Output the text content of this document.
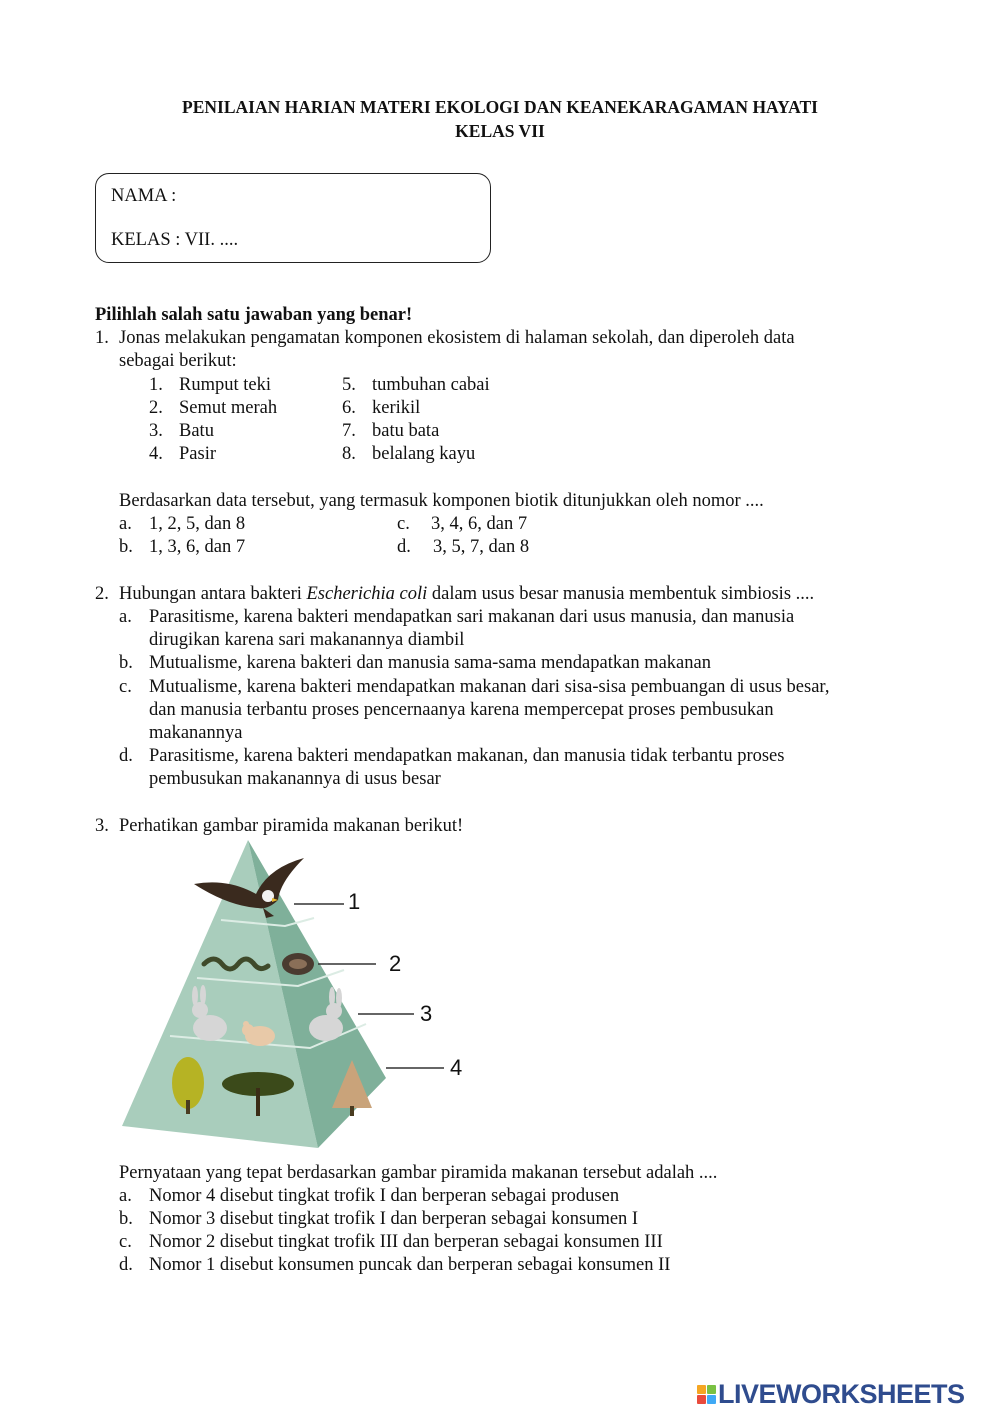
PENILAIAN HARIAN MATERI EKOLOGI DAN KEANEKARAGAMAN HAYATI
KELAS VII
NAMA :
KELAS : VII. ....
Pilihlah salah satu jawaban yang benar!
1. Jonas melakukan pengamatan komponen ekosistem di halaman sekolah, dan diperoleh data
sebagai berikut:
1. Rumput teki
2. Semut merah
3. Batu
4. Pasir
5. tumbuhan cabai
6. kerikil
7. batu bata
8. belalang kayu
Berdasarkan data tersebut, yang termasuk komponen biotik ditunjukkan oleh nomor ....
a. 1, 2, 5, dan 8
b. 1, 3, 6, dan 7
c. 3, 4, 6, dan 7
d. 3, 5, 7, dan 8
2. Hubungan antara bakteri Escherichia coli dalam usus besar manusia membentuk simbiosis ....
a. Parasitisme, karena bakteri mendapatkan sari makanan dari usus manusia, dan manusia
dirugikan karena sari makanannya diambil
b. Mutualisme, karena bakteri dan manusia sama-sama mendapatkan makanan
c. Mutualisme, karena bakteri mendapatkan makanan dari sisa-sisa pembuangan di usus besar,
dan manusia terbantu proses pencernaanya karena mempercepat proses pembusukan
makanannya
d. Parasitisme, karena bakteri mendapatkan makanan, dan manusia tidak terbantu proses
pembusukan makanannya di usus besar
3. Perhatikan gambar piramida makanan berikut!
1
2
3
4
Pernyataan yang tepat berdasarkan gambar piramida makanan tersebut adalah ....
a. Nomor 4 disebut tingkat trofik I dan berperan sebagai produsen
b. Nomor 3 disebut tingkat trofik I dan berperan sebagai konsumen I
c. Nomor 2 disebut tingkat trofik III dan berperan sebagai konsumen III
d. Nomor 1 disebut konsumen puncak dan berperan sebagai konsumen II
LIVEWORKSHEETS
